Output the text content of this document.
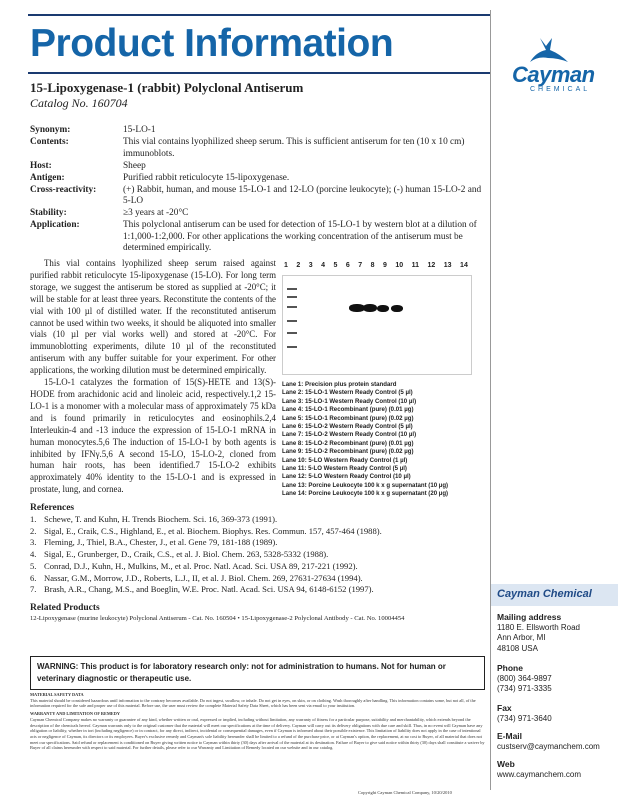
Product Information
Cayman
CHEMICAL
15-Lipoxygenase-1 (rabbit) Polyclonal Antiserum
Catalog No. 160704
Synonym:	15-LO-1
Contents:	This vial contains lyophilized sheep serum. This is sufficient antiserum for ten (10 x 10 cm) immunoblots.
Host:	Sheep
Antigen:	Purified rabbit reticulocyte 15-lipoxygenase.
Cross-reactivity:	(+) Rabbit, human, and mouse 15-LO-1 and 12-LO (porcine leukocyte); (-) human 15-LO-2 and 5-LO
Stability:	≥3 years at -20°C
Application:	This polyclonal antiserum can be used for detection of 15-LO-1 by western blot at a dilution of 1:1,000-1:2,000. For other applications the working concentration of the antiserum must be determined empirically.

This vial contains lyophilized sheep serum raised against purified rabbit reticulocyte 15-lipoxygenase (15-LO). For long term storage, we suggest the antiserum be stored as supplied at -20°C; it will be stable for at least three years. Reconstitute the contents of the vial with 100 µl of distilled water. If the reconstituted antiserum cannot be used within two weeks, it should be aliquoted into smaller vials (10 µl per vial works well) and stored at -20°C. For immunoblotting experiments, dilute 10 µl of the reconstituted antiserum with any buffer suitable for your experiment. For other applications, the working dilution must be determined empirically.

15-LO-1 catalyzes the formation of 15(S)-HETE and 13(S)-HODE from arachidonic acid and linoleic acid, respectively.1,2 15-LO-1 is a monomer with a molecular mass of approximately 75 kDa and is found primarily in reticulocytes and eosinophils.2,4 Interleukin-4 and -13 induce the expression of 15-LO-1 mRNA in human monocytes.5,6 The induction of 15-LO-1 by both agents is inhibited by IFNγ.5,6 A second 15-LO, 15-LO-2, cloned from human hair roots, has been identified.7 15-LO-2 exhibits approximately 40% identity to the 15-LO-1 and is expressed in prostate, lung, and cornea.

1 2 3 4 5 6 7 8 9 10 11 12 13 14
Lane 1: Precision plus protein standard
Lane 2: 15-LO-1 Western Ready Control (5 µl)
Lane 3: 15-LO-1 Western Ready Control (10 µl)
Lane 4: 15-LO-1 Recombinant (pure) (0.01 µg)
Lane 5: 15-LO-1 Recombinant (pure) (0.02 µg)
Lane 6: 15-LO-2 Western Ready Control (5 µl)
Lane 7: 15-LO-2 Western Ready Control (10 µl)
Lane 8: 15-LO-2 Recombinant (pure) (0.01 µg)
Lane 9: 15-LO-2 Recombinant (pure) (0.02 µg)
Lane 10: 5-LO Western Ready Control (1 µl)
Lane 11: 5-LO Western Ready Control (5 µl)
Lane 12: 5-LO Western Ready Control (10 µl)
Lane 13: Porcine Leukocyte 100 k x g supernatant (10 µg)
Lane 14: Porcine Leukocyte 100 k x g supernatant (20 µg)
References
1. Schewe, T. and Kuhn, H. Trends Biochem. Sci. 16, 369-373 (1991).
2. Sigal, E., Craik, C.S., Highland, E., et al. Biochem. Biophys. Res. Commun. 157, 457-464 (1988).
3. Fleming, J., Thiel, B.A., Chester, J., et al. Gene 79, 181-188 (1989).
4. Sigal, E., Grunberger, D., Craik, C.S., et al. J. Biol. Chem. 263, 5328-5332 (1988).
5. Conrad, D.J., Kuhn, H., Mulkins, M., et al. Proc. Natl. Acad. Sci. USA 89, 217-221 (1992).
6. Nassar, G.M., Morrow, J.D., Roberts, L.J., II, et al. J. Biol. Chem. 269, 27631-27634 (1994).
7. Brash, A.R., Chang, M.S., and Boeglin, W.E. Proc. Natl. Acad. Sci. USA 94, 6148-6152 (1997).
Related Products
12-Lipoxygenase (murine leukocyte) Polyclonal Antiserum - Cat. No. 160504 • 15-Lipoxygenase-2 Polyclonal Antibody - Cat. No. 10004454
WARNING: This product is for laboratory research only: not for administration to humans. Not for human or veterinary diagnostic or therapeutic use.
MATERIAL SAFETY DATA
This material should be considered hazardous until information to the contrary becomes available. Do not ingest, swallow, or inhale. Do not get in eyes, on skin, or on clothing. Wash thoroughly after handling. This information contains some, but not all, of the information required for the safe and proper use of this material. Before use, the user must review the complete Material Safety Data Sheet, which has been sent via email to your institution.
WARRANTY AND LIMITATION OF REMEDY
Cayman Chemical Company makes no warranty or guarantee of any kind, whether written or oral, expressed or implied, including without limitation, any warranty of fitness for a particular purpose, suitability and merchantability, which extends beyond the description of the chemicals hereof. Cayman warrants only to the original customer that the material will meet our specifications at the time of delivery. Cayman will carry out its delivery obligations with due care and skill. Thus, in no event will Cayman have any obligation or liability, whether in tort (including negligence) or in contract, for any direct, indirect, incidental or consequential damages, even if Cayman is informed about their possible existence. This limitation of liability does not apply in the case of intentional acts or negligence of Cayman, its directors or its employees. Buyer's exclusive remedy and Cayman's sole liability hereunder shall be limited to a refund of the purchase price, or at Cayman's option, the replacement, at no cost to Buyer, of all material that does not meet our specifications. Said refund or replacement is conditioned on Buyer giving written notice to Cayman within thirty (30) days after arrival of the material at its destination. Failure of Buyer to give said notice within thirty (30) days shall constitute a waiver by Buyer of all claims hereunder with respect to said material. For further details, please refer to our Warranty and Limitation of Remedy located on our website and in our catalog.
Copyright Cayman Chemical Company, 10/20/2010
Cayman Chemical
Mailing address
1180 E. Ellsworth Road
Ann Arbor, MI
48108 USA
Phone
(800) 364-9897
(734) 971-3335
Fax
(734) 971-3640
E-Mail
custserv@caymanchem.com
Web
www.caymanchem.com
